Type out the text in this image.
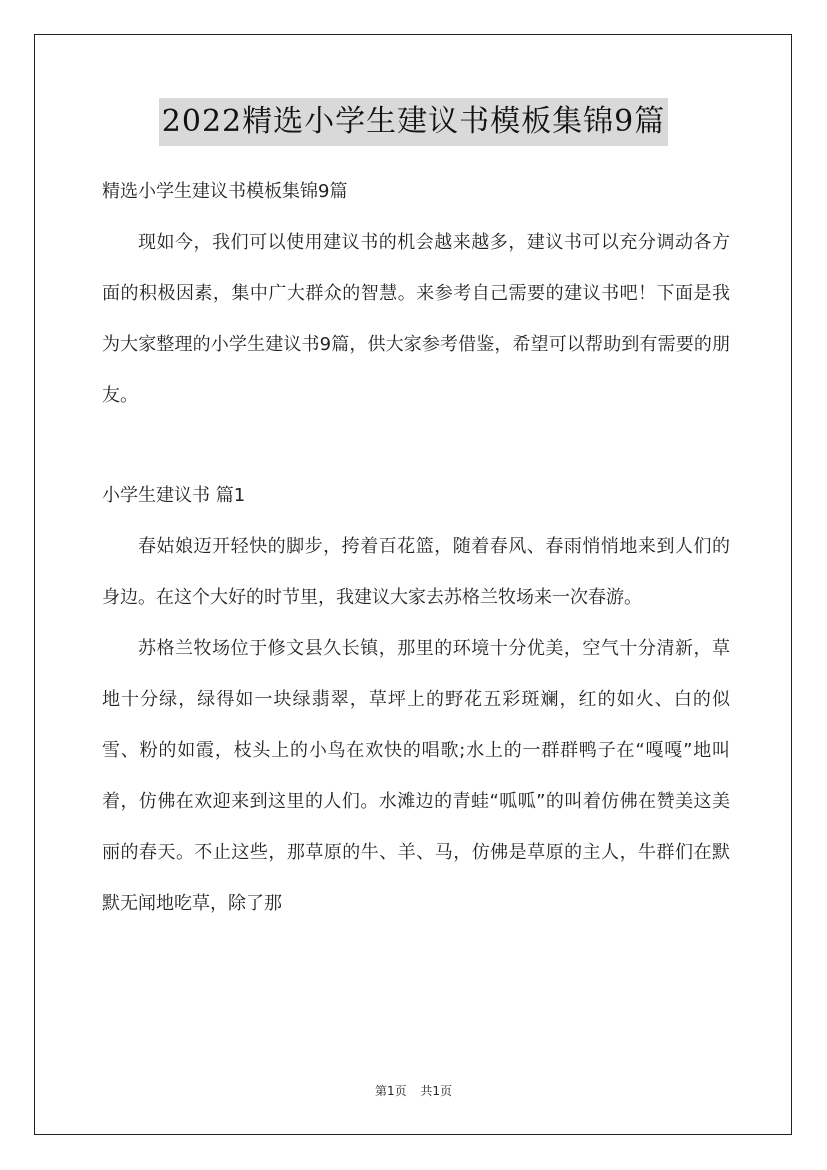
2022精选小学生建议书模板集锦9篇

精选小学生建议书模板集锦9篇

现如今，我们可以使用建议书的机会越来越多，建议书可以充分调动各方面的积极因素，集中广大群众的智慧。来参考自己需要的建议书吧！下面是我为大家整理的小学生建议书9篇，供大家参考借鉴，希望可以帮助到有需要的朋友。

小学生建议书 篇1

春姑娘迈开轻快的脚步，挎着百花篮，随着春风、春雨悄悄地来到人们的身边。在这个大好的时节里，我建议大家去苏格兰牧场来一次春游。

苏格兰牧场位于修文县久长镇，那里的环境十分优美，空气十分清新，草地十分绿，绿得如一块绿翡翠，草坪上的野花五彩斑斓，红的如火、白的似雪、粉的如霞，枝头上的小鸟在欢快的唱歌;水上的一群群鸭子在“嘎嘎”地叫着，仿佛在欢迎来到这里的人们。水滩边的青蛙“呱呱”的叫着仿佛在赞美这美丽的春天。不止这些，那草原的牛、羊、马，仿佛是草原的主人，牛群们在默默无闻地吃草，除了那

第1页 共1页
